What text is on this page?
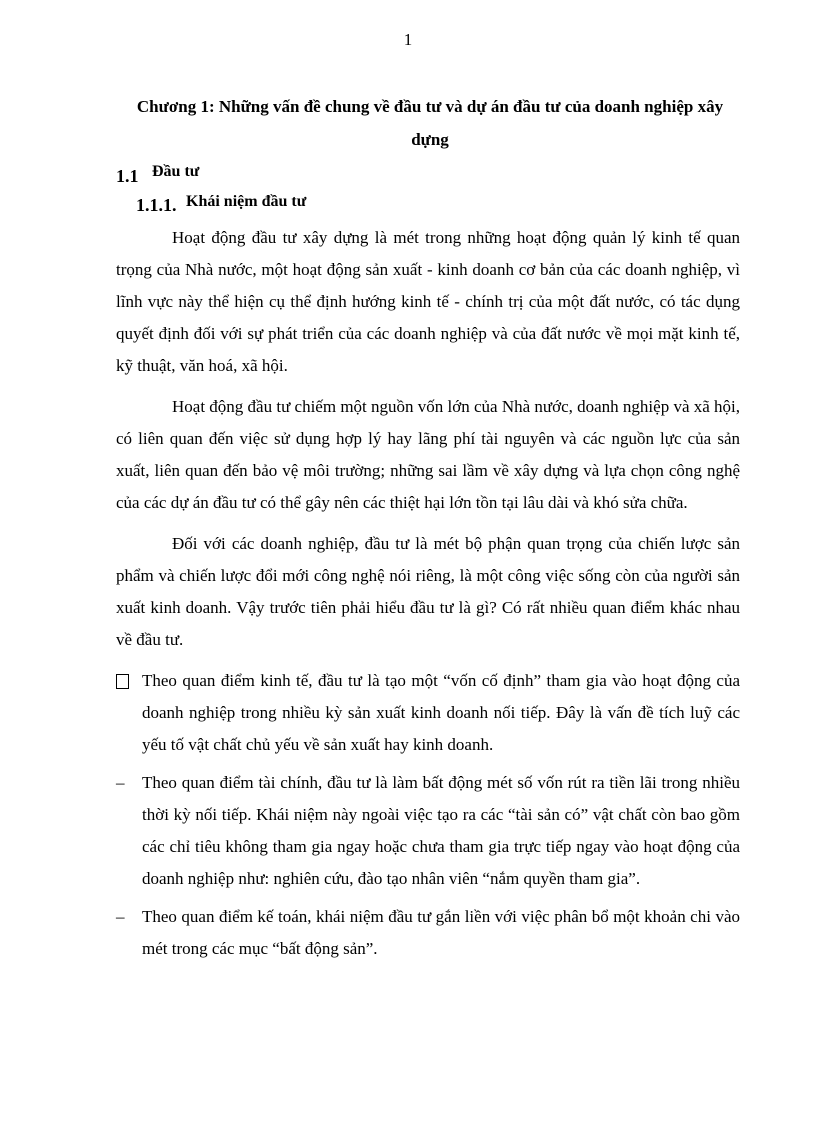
1
Chương 1: Những vấn đề chung về đầu tư và dự án đầu tư của doanh nghiệp xây dựng
1.1 Đầu tư
1.1.1. Khái niệm đầu tư

Hoạt động đầu tư xây dựng là mét trong những hoạt động quản lý kinh tế quan trọng của Nhà nước, một hoạt động sản xuất - kinh doanh cơ bản của các doanh nghiệp, vì lĩnh vực này thể hiện cụ thể định hướng kinh tế - chính trị của một đất nước, có tác dụng quyết định đối với sự phát triển của các doanh nghiệp và của đất nước về mọi mặt kinh tế, kỹ thuật, văn hoá, xã hội.

Hoạt động đầu tư chiếm một nguồn vốn lớn của Nhà nước, doanh nghiệp và xã hội, có liên quan đến việc sử dụng hợp lý hay lãng phí tài nguyên và các nguồn lực của sản xuất, liên quan đến bảo vệ môi trường; những sai lầm về xây dựng và lựa chọn công nghệ của các dự án đầu tư có thể gây nên các thiệt hại lớn tồn tại lâu dài và khó sửa chữa.

Đối với các doanh nghiệp, đầu tư là mét bộ phận quan trọng của chiến lược sản phẩm và chiến lược đổi mới công nghệ nói riêng, là một công việc sống còn của người sản xuất kinh doanh. Vậy trước tiên phải hiểu đầu tư là gì? Có rất nhiều quan điểm khác nhau về đầu tư.

Theo quan điểm kinh tế, đầu tư là tạo một “vốn cố định” tham gia vào hoạt động của doanh nghiệp trong nhiều kỳ sản xuất kinh doanh nối tiếp. Đây là vấn đề tích luỹ các yếu tố vật chất chủ yếu về sản xuất hay kinh doanh.
–	Theo quan điểm tài chính, đầu tư là làm bất động mét số vốn rút ra tiền lãi trong nhiều thời kỳ nối tiếp. Khái niệm này ngoài việc tạo ra các “tài sản có” vật chất còn bao gồm các chỉ tiêu không tham gia ngay hoặc chưa tham gia trực tiếp ngay vào hoạt động của doanh nghiệp như: nghiên cứu, đào tạo nhân viên “nắm quyền tham gia”.
–	Theo quan điểm kế toán, khái niệm đầu tư gắn liền với việc phân bổ một khoản chi vào mét trong các mục “bất động sản”.
